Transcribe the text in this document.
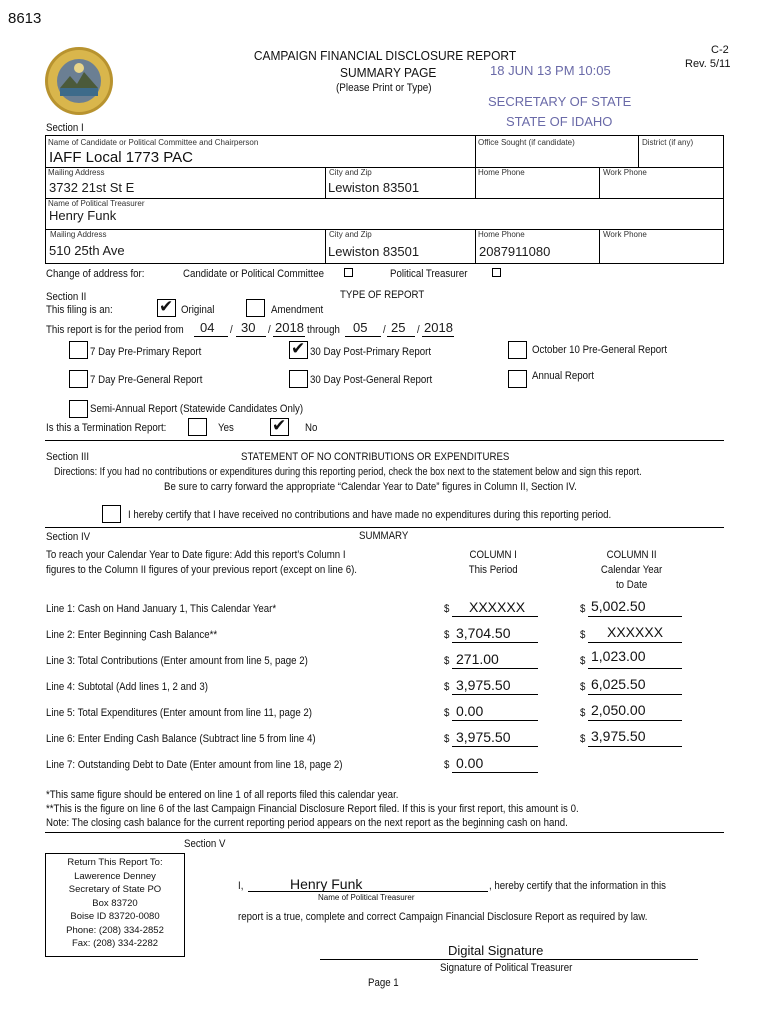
8613
C-2
Rev. 5/11
CAMPAIGN FINANCIAL DISCLOSURE REPORT
SUMMARY PAGE
(Please Print or Type)
18 JUN 13 PM 10:05
SECRETARY OF STATE
STATE OF IDAHO
Section I
Name of Candidate or Political Committee and Chairperson
IAFF Local 1773 PAC
Office Sought (if candidate)	District (if any)
Mailing Address
3732 21st St E
City and Zip
Lewiston 83501
Home Phone	Work Phone
Name of Political Treasurer
Henry Funk
Mailing Address
510 25th Ave
City and Zip
Lewiston 83501
Home Phone
2087911080
Work Phone
Change of address for:	Candidate or Political Committee	Political Treasurer
Section II	TYPE OF REPORT
This filing is an:	✔ Original	Amendment
This report is for the period from 04 / 30 / 2018 through 05 / 25 / 2018
7 Day Pre-Primary Report	✔ 30 Day Post-Primary Report	October 10 Pre-General Report
7 Day Pre-General Report	30 Day Post-General Report	Annual Report
Semi-Annual Report (Statewide Candidates Only)
Is this a Termination Report:	Yes ✔ No
Section III	STATEMENT OF NO CONTRIBUTIONS OR EXPENDITURES
Directions: If you had no contributions or expenditures during this reporting period, check the box next to the statement below and sign this report.
Be sure to carry forward the appropriate “Calendar Year to Date” figures in Column II, Section IV.
I hereby certify that I have received no contributions and have made no expenditures during this reporting period.
Section IV	SUMMARY
To reach your Calendar Year to Date figure: Add this report’s Column I
figures to the Column II figures of your previous report (except on line 6).
COLUMN I
This Period
COLUMN II
Calendar Year
to Date
Line 1: Cash on Hand January 1, This Calendar Year*	$ XXXXXX	$ 5,002.50
Line 2: Enter Beginning Cash Balance**	$ 3,704.50	$ XXXXXX
Line 3: Total Contributions (Enter amount from line 5, page 2)	$ 271.00	$ 1,023.00
Line 4: Subtotal (Add lines 1, 2 and 3)	$ 3,975.50	$ 6,025.50
Line 5: Total Expenditures (Enter amount from line 11, page 2)	$ 0.00	$ 2,050.00
Line 6: Enter Ending Cash Balance (Subtract line 5 from line 4)	$ 3,975.50	$ 3,975.50
Line 7: Outstanding Debt to Date (Enter amount from line 18, page 2)	$ 0.00
*This same figure should be entered on line 1 of all reports filed this calendar year.
**This is the figure on line 6 of the last Campaign Financial Disclosure Report filed. If this is your first report, this amount is 0.
Note: The closing cash balance for the current reporting period appears on the next report as the beginning cash on hand.
Section V
Return This Report To:
Lawerence Denney
Secretary of State PO
Box 83720
Boise ID 83720-0080
Phone: (208) 334-2852
Fax: (208) 334-2282
I,	Henry Funk	, hereby certify that the information in this
Name of Political Treasurer
report is a true, complete and correct Campaign Financial Disclosure Report as required by law.
Digital Signature
Signature of Political Treasurer
Page 1
